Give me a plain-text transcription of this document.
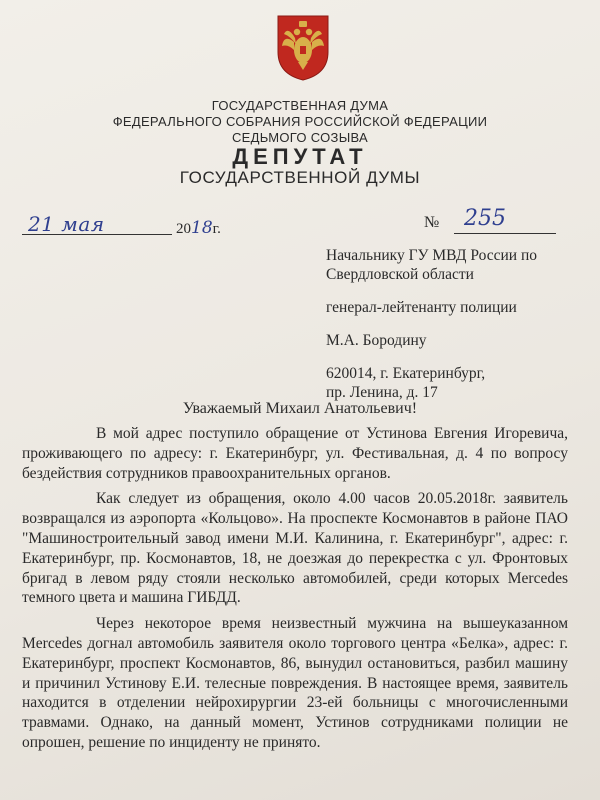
ГОСУДАРСТВЕННАЯ ДУМА
ФЕДЕРАЛЬНОГО СОБРАНИЯ РОССИЙСКОЙ ФЕДЕРАЦИИ
СЕДЬМОГО СОЗЫВА
ДЕПУТАТ
ГОСУДАРСТВЕННОЙ ДУМЫ
21 мая	2018г.	№ 255

Начальнику ГУ МВД России по Свердловской области

генерал-лейтенанту полиции

М.А. Бородину

620014, г. Екатеринбург,

пр. Ленина, д. 17

Уважаемый Михаил Анатольевич!

В мой адрес поступило обращение от Устинова Евгения Игоревича, проживающего по адресу: г. Екатеринбург, ул. Фестивальная, д. 4 по вопросу бездействия сотрудников правоохранительных органов.

Как следует из обращения, около 4.00 часов 20.05.2018г. заявитель возвращался из аэропорта «Кольцово». На проспекте Космонавтов в районе ПАО "Машиностроительный завод имени М.И. Калинина, г. Екатеринбург", адрес: г. Екатеринбург, пр. Космонавтов, 18, не доезжая до перекрестка с ул. Фронтовых бригад в левом ряду стояли несколько автомобилей, среди которых Mercedes темного цвета и машина ГИБДД.

Через некоторое время неизвестный мужчина на вышеуказанном Mercedes догнал автомобиль заявителя около торгового центра «Белка», адрес: г. Екатеринбург, проспект Космонавтов, 86, вынудил остановиться, разбил машину и причинил Устинову Е.И. телесные повреждения. В настоящее время, заявитель находится в отделении нейрохирургии 23-ей больницы с многочисленными травмами. Однако, на данный момент, Устинов сотрудниками полиции не опрошен, решение по инциденту не принято.
